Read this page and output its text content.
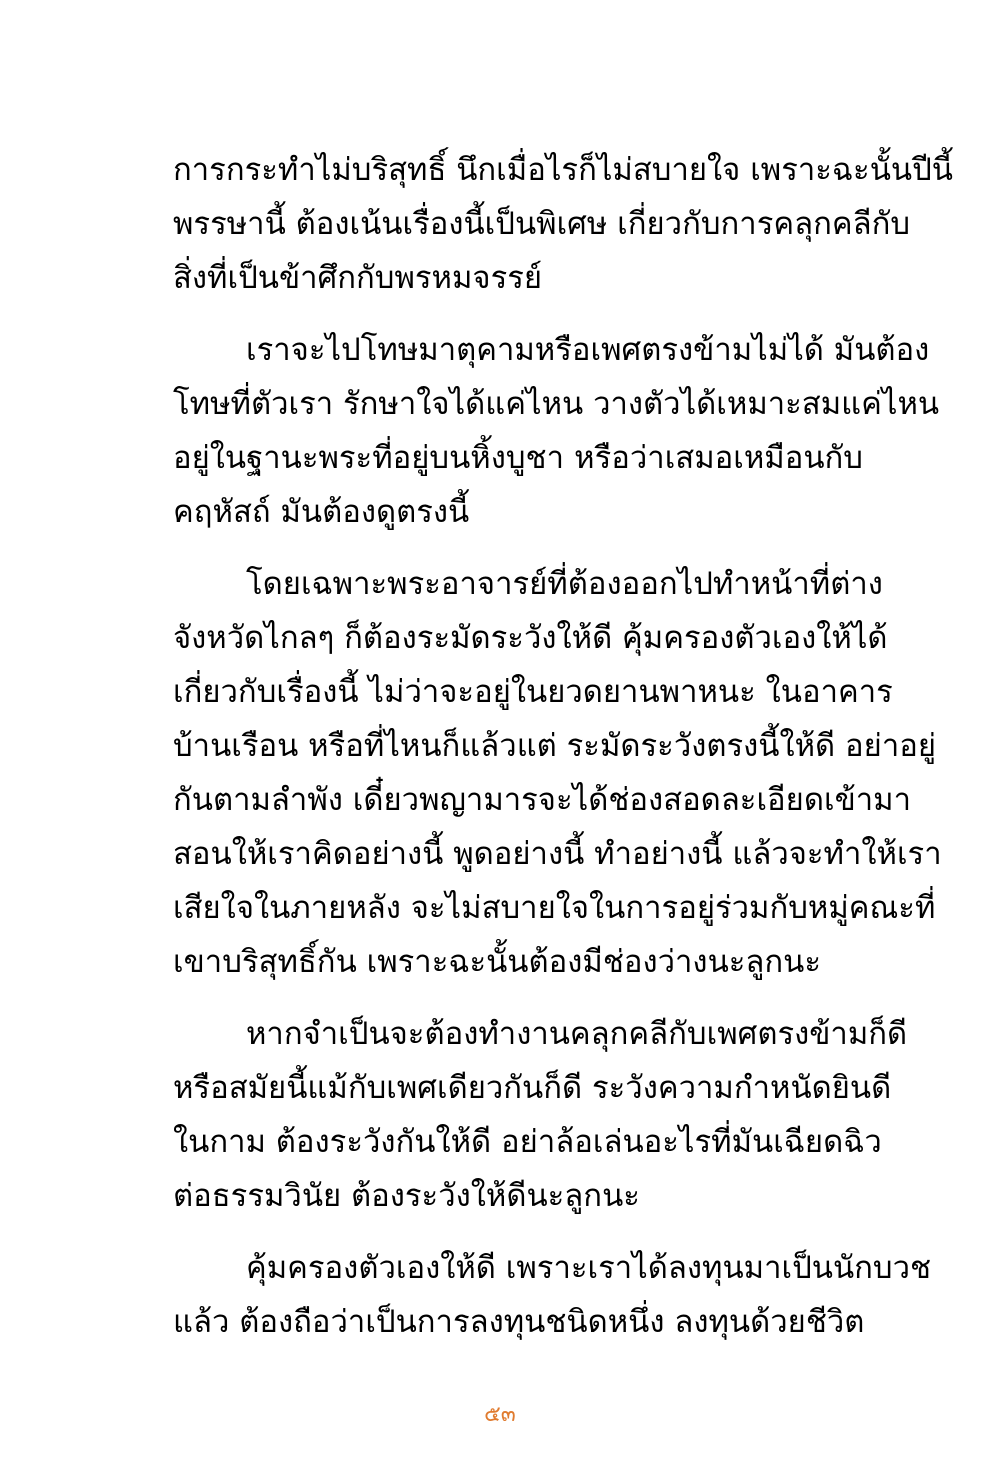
การกระทำไม่บริสุทธิ์ นึกเมื่อไรก็ไม่สบายใจ เพราะฉะนั้นปีนี้
พรรษานี้ ต้องเน้นเรื่องนี้เป็นพิเศษ เกี่ยวกับการคลุกคลีกับ
สิ่งที่เป็นข้าศึกกับพรหมจรรย์
เราจะไปโทษมาตุคามหรือเพศตรงข้ามไม่ได้ มันต้อง
โทษที่ตัวเรา รักษาใจได้แค่ไหน วางตัวได้เหมาะสมแค่ไหน
อยู่ในฐานะพระที่อยู่บนหิ้งบูชา หรือว่าเสมอเหมือนกับ
คฤหัสถ์ มันต้องดูตรงนี้
โดยเฉพาะพระอาจารย์ที่ต้องออกไปทำหน้าที่ต่าง
จังหวัดไกลๆ ก็ต้องระมัดระวังให้ดี คุ้มครองตัวเองให้ได้
เกี่ยวกับเรื่องนี้ ไม่ว่าจะอยู่ในยวดยานพาหนะ ในอาคาร
บ้านเรือน หรือที่ไหนก็แล้วแต่ ระมัดระวังตรงนี้ให้ดี อย่าอยู่
กันตามลำพัง เดี๋ยวพญามารจะได้ช่องสอดละเอียดเข้ามา
สอนให้เราคิดอย่างนี้ พูดอย่างนี้ ทำอย่างนี้ แล้วจะทำให้เรา
เสียใจในภายหลัง จะไม่สบายใจในการอยู่ร่วมกับหมู่คณะที่
เขาบริสุทธิ์กัน เพราะฉะนั้นต้องมีช่องว่างนะลูกนะ
หากจำเป็นจะต้องทำงานคลุกคลีกับเพศตรงข้ามก็ดี
หรือสมัยนี้แม้กับเพศเดียวกันก็ดี ระวังความกำหนัดยินดี
ในกาม ต้องระวังกันให้ดี อย่าล้อเล่นอะไรที่มันเฉียดฉิว
ต่อธรรมวินัย ต้องระวังให้ดีนะลูกนะ
คุ้มครองตัวเองให้ดี เพราะเราได้ลงทุนมาเป็นนักบวช
แล้ว ต้องถือว่าเป็นการลงทุนชนิดหนึ่ง ลงทุนด้วยชีวิต
๕๓
